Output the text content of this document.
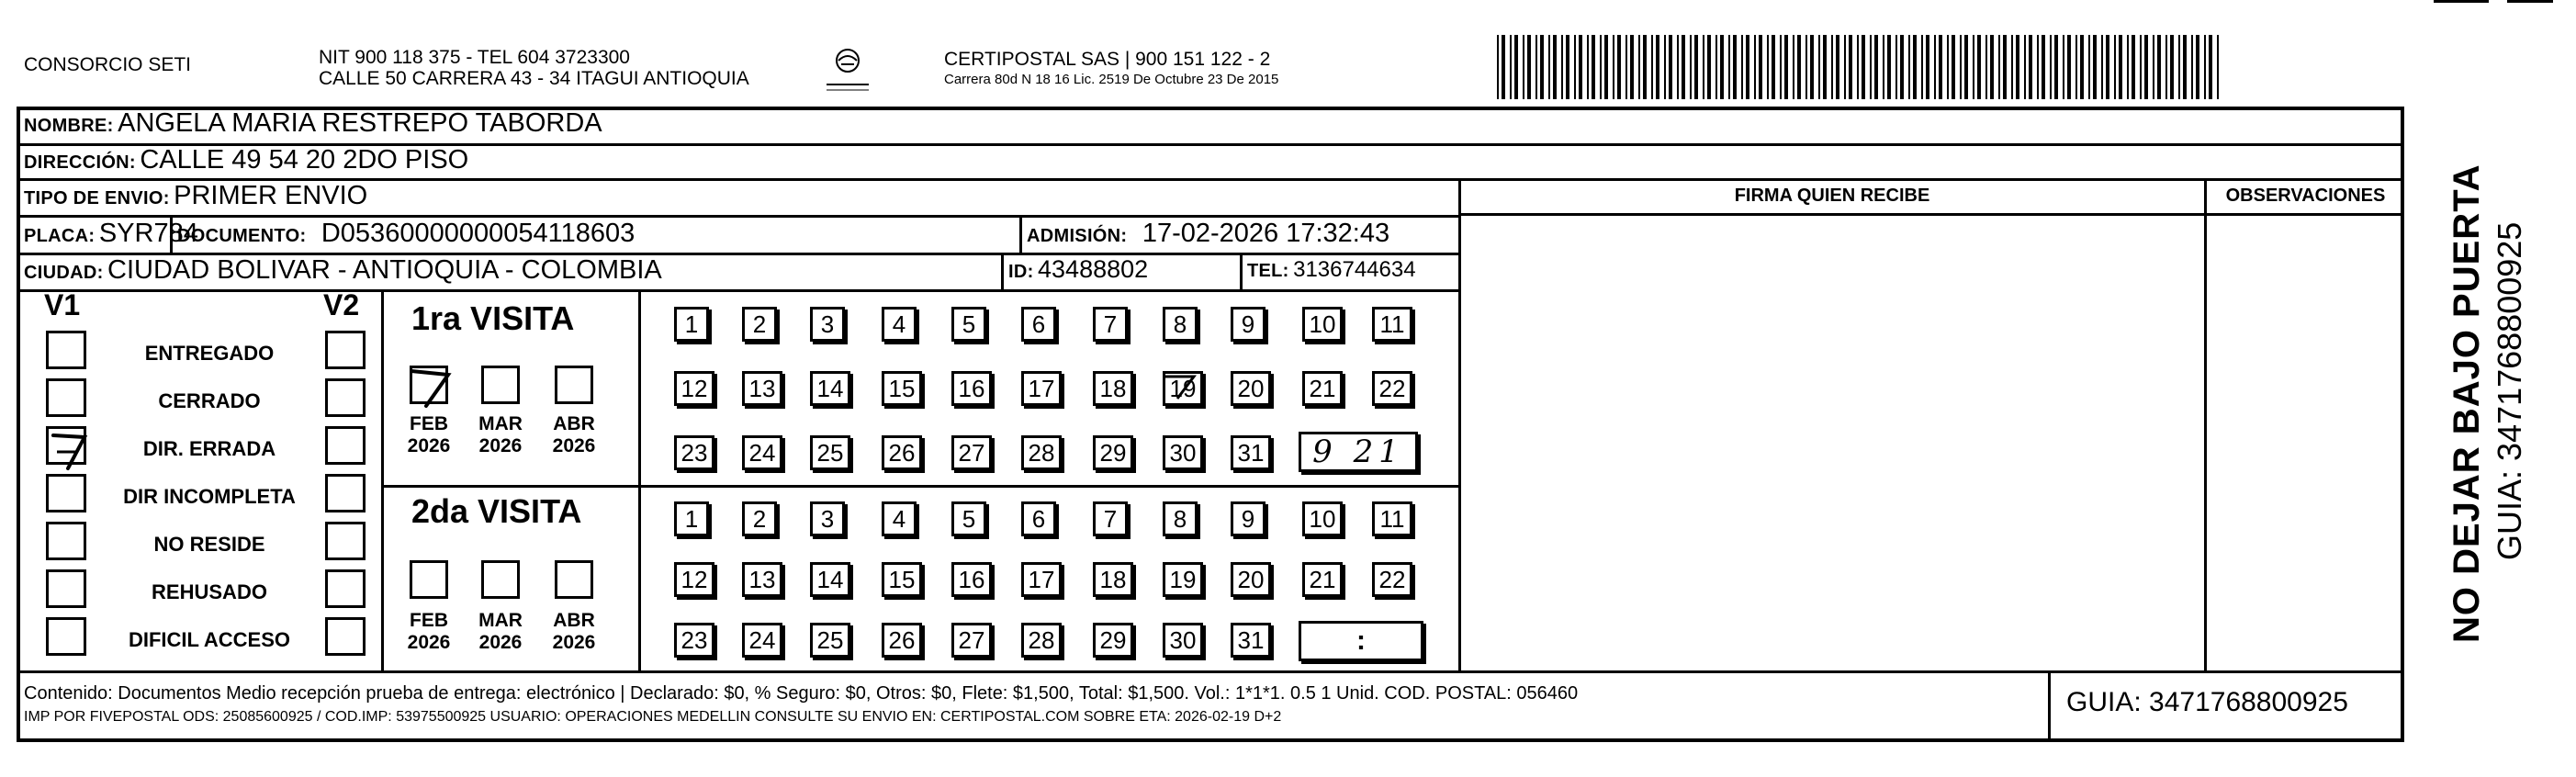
CONSORCIO SETI	NIT 900 118 375 - TEL 604 3723300
CALLE 50 CARRERA 43 - 34 ITAGUI ANTIOQUIA
CERTIPOSTAL SAS | 900 151 122 - 2
Carrera 80d N 18 16 Lic. 2519 De Octubre 23 De 2015
NOMBRE: ANGELA MARIA RESTREPO TABORDA
DIRECCIÓN: CALLE 49 54 20 2DO PISO
TIPO DE ENVIO: PRIMER ENVIO	FIRMA QUIEN RECIBE	OBSERVACIONES
PLACA: SYR784
DOCUMENTO: D05360000000054118603	ADMISIÓN: 17-02-2026 17:32:43
CIUDAD: CIUDAD BOLIVAR - ANTIOQUIA - COLOMBIA	ID: 43488802	TEL: 3136744634
V1	V2
ENTREGADO
CERRADO
DIR. ERRADA
DIR INCOMPLETA
NO RESIDE
REHUSADO
DIFICIL ACCESO
1ra VISITA
FEB
2026
MAR
2026
ABR
2026
2da VISITA
FEB
2026
MAR
2026
ABR
2026
1	2	3	4	5	6	7	8	9	10	11
12 13 14 15 16 17 18 19 20 21 22
23 24 25 26 27 28 29 30 31
1	2	3	4	5	6	7	8	9	10	11
12 13 14 15 16 17 18 19 20 21 22
23 24 25 26 27 28 29 30 31
9 21
:
Contenido: Documentos Medio recepción prueba de entrega: electrónico | Declarado: $0, % Seguro: $0, Otros: $0, Flete: $1,500, Total: $1,500. Vol.: 1*1*1. 0.5 1 Unid. COD. POSTAL: 056460
IMP POR FIVEPOSTAL ODS: 25085600925 / COD.IMP: 53975500925 USUARIO: OPERACIONES MEDELLIN CONSULTE SU ENVIO EN: CERTIPOSTAL.COM SOBRE ETA: 2026-02-19 D+2	GUIA: 3471768800925
NO DEJAR BAJO PUERTA GUIA: 3471768800925
